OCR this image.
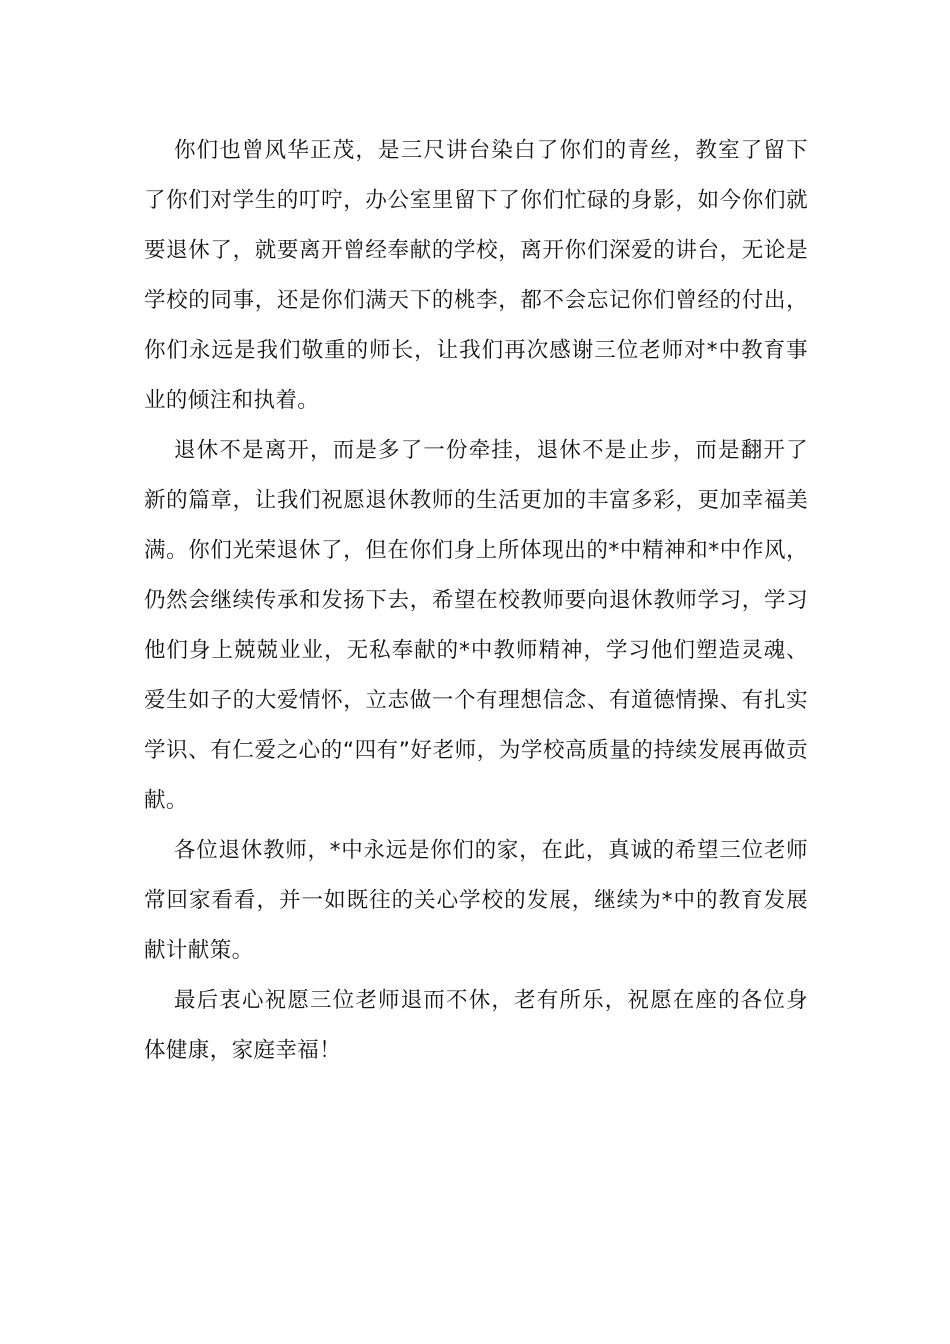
你们也曾风华正茂，是三尺讲台染白了你们的青丝，教室了留下了你们对学生的叮咛，办公室里留下了你们忙碌的身影，如今你们就要退休了，就要离开曾经奉献的学校，离开你们深爱的讲台，无论是学校的同事，还是你们满天下的桃李，都不会忘记你们曾经的付出，你们永远是我们敬重的师长，让我们再次感谢三位老师对*中教育事业的倾注和执着。

退休不是离开，而是多了一份牵挂，退休不是止步，而是翻开了新的篇章，让我们祝愿退休教师的生活更加的丰富多彩，更加幸福美满。你们光荣退休了，但在你们身上所体现出的*中精神和*中作风，仍然会继续传承和发扬下去，希望在校教师要向退休教师学习，学习他们身上兢兢业业，无私奉献的*中教师精神，学习他们塑造灵魂、爱生如子的大爱情怀，立志做一个有理想信念、有道德情操、有扎实学识、有仁爱之心的“四有”好老师，为学校高质量的持续发展再做贡献。

各位退休教师，*中永远是你们的家，在此，真诚的希望三位老师常回家看看，并一如既往的关心学校的发展，继续为*中的教育发展献计献策。

最后衷心祝愿三位老师退而不休，老有所乐，祝愿在座的各位身体健康，家庭幸福！
